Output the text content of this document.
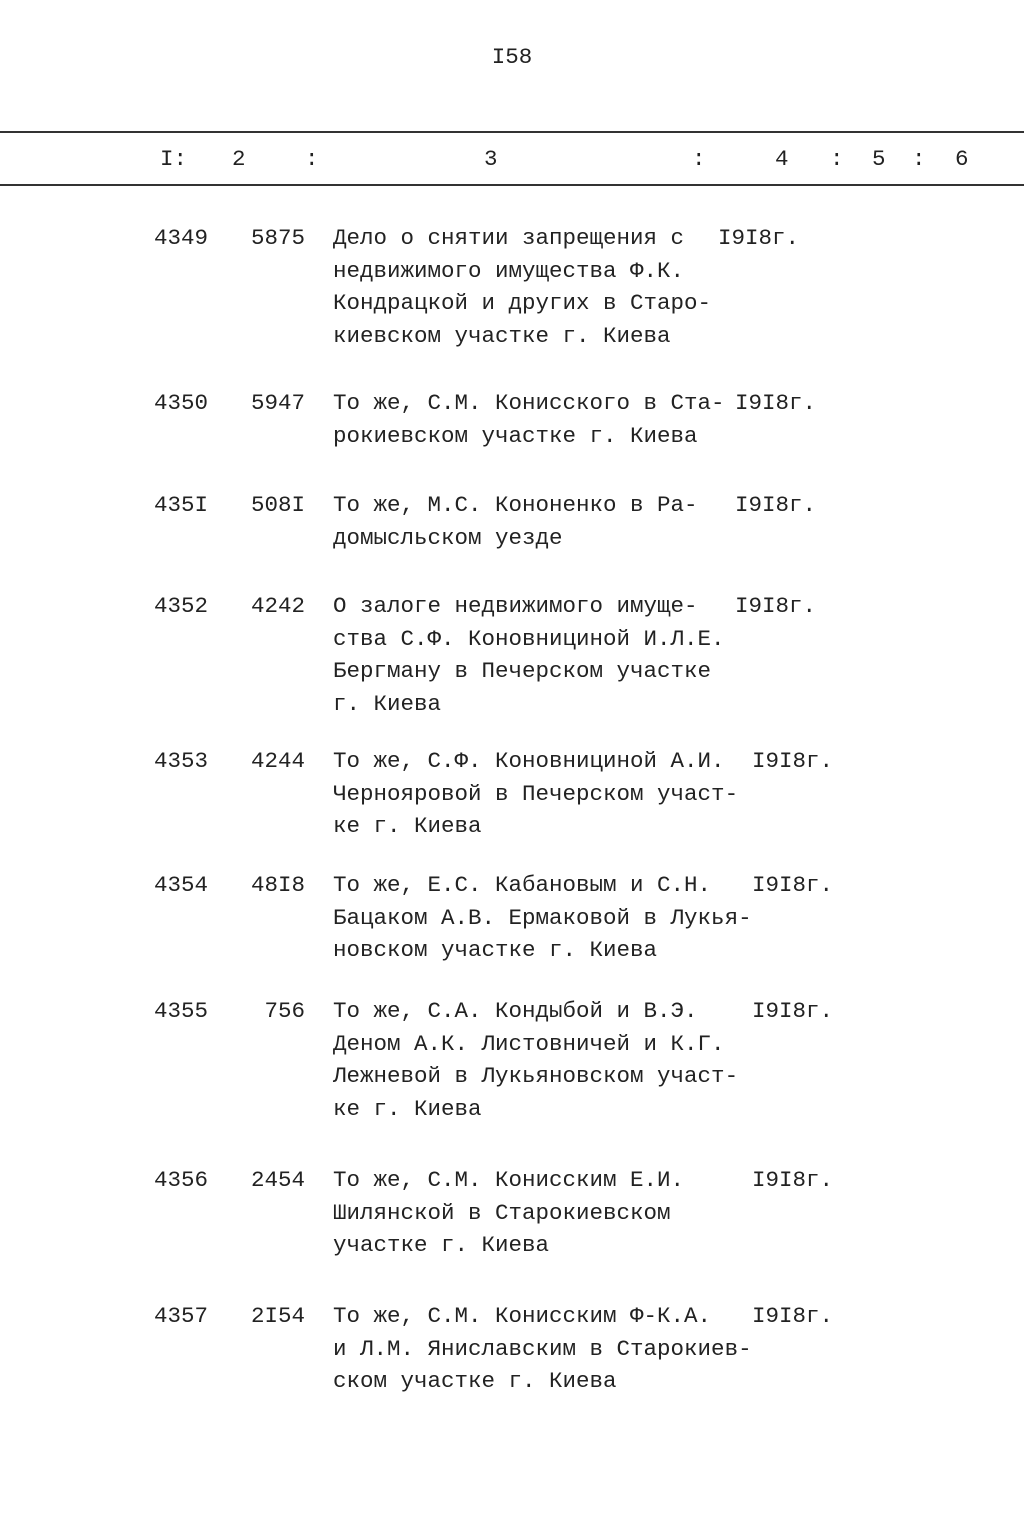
I58
I: 2	:	3	:	4 : 5 : 6
4349 5875 Дело о снятии запрещения с
недвижимого имущества Ф.К.
Кондрацкой и других в Старо-
киевском участке г. Киева
I9I8г.
4350 5947 То же, С.М. Конисского в Ста-
рокиевском участке г. Киева
I9I8г.
435I 508I То же, М.С. Кононенко в Ра-
домысльском уезде
I9I8г.
4352 4242 О залоге недвижимого имуще-
ства С.Ф. Коновнициной И.Л.Е.
Бергману в Печерском участке
г. Киева
I9I8г.
4353 4244 То же, С.Ф. Коновнициной А.И.
Чернояровой в Печерском участ-
ке г. Киева
I9I8г.
4354 48I8 То же, Е.С. Кабановым и С.Н.
Бацаком А.В. Ермаковой в Лукья-
новском участке г. Киева
I9I8г.
4355	756 То же, С.А. Кондыбой и В.Э.
Деном А.К. Листовничей и К.Г.
Лежневой в Лукьяновском участ-
ке г. Киева
I9I8г.
4356 2454 То же, С.М. Конисским Е.И.
Шилянской в Старокиевском
участке г. Киева
I9I8г.
4357 2I54 То же, С.М. Конисским Ф-К.А.
и Л.М. Янислaвским в Старокиев-
ском участке г. Киева
I9I8г.
